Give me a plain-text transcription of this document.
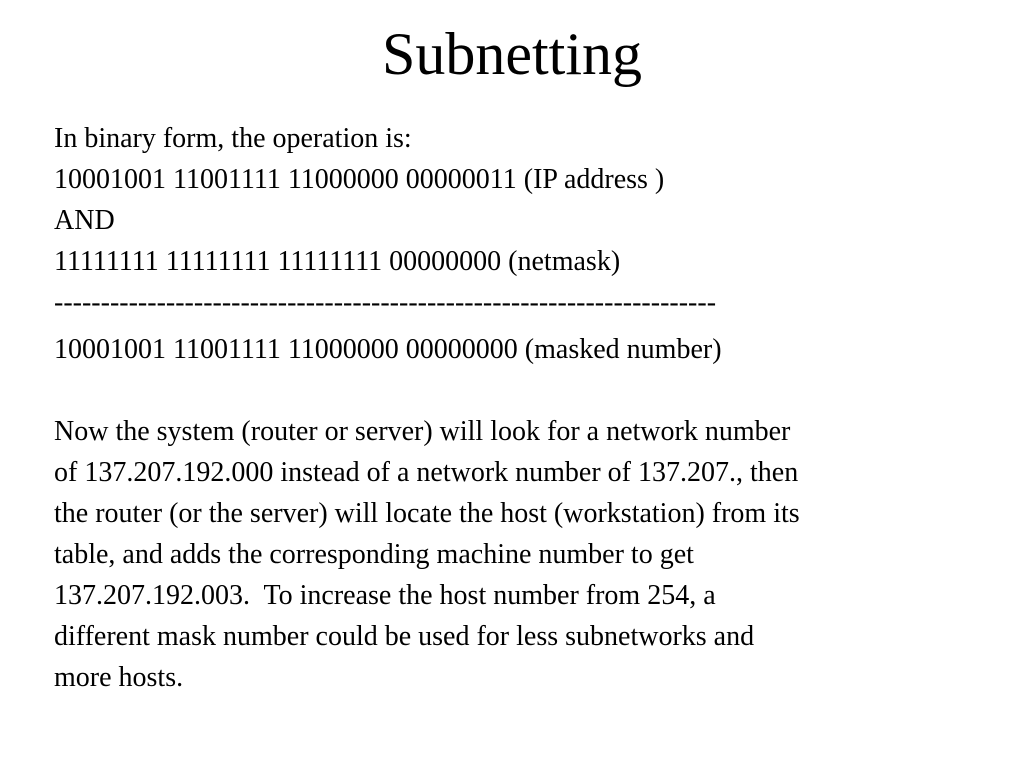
Subnetting
In binary form, the operation is:
10001001 11001111 11000000 00000011 (IP address )
AND
11111111 11111111 11111111 00000000 (netmask)
-----------------------------------------------------------------------
10001001 11001111 11000000 00000000 (masked number)
Now the system (router or server) will look for a network number
of 137.207.192.000 instead of a network number of 137.207., then
the router (or the server) will locate the host (workstation) from its
table, and adds the corresponding machine number to get
137.207.192.003.  To increase the host number from 254, a
different mask number could be used for less subnetworks and
more hosts.
